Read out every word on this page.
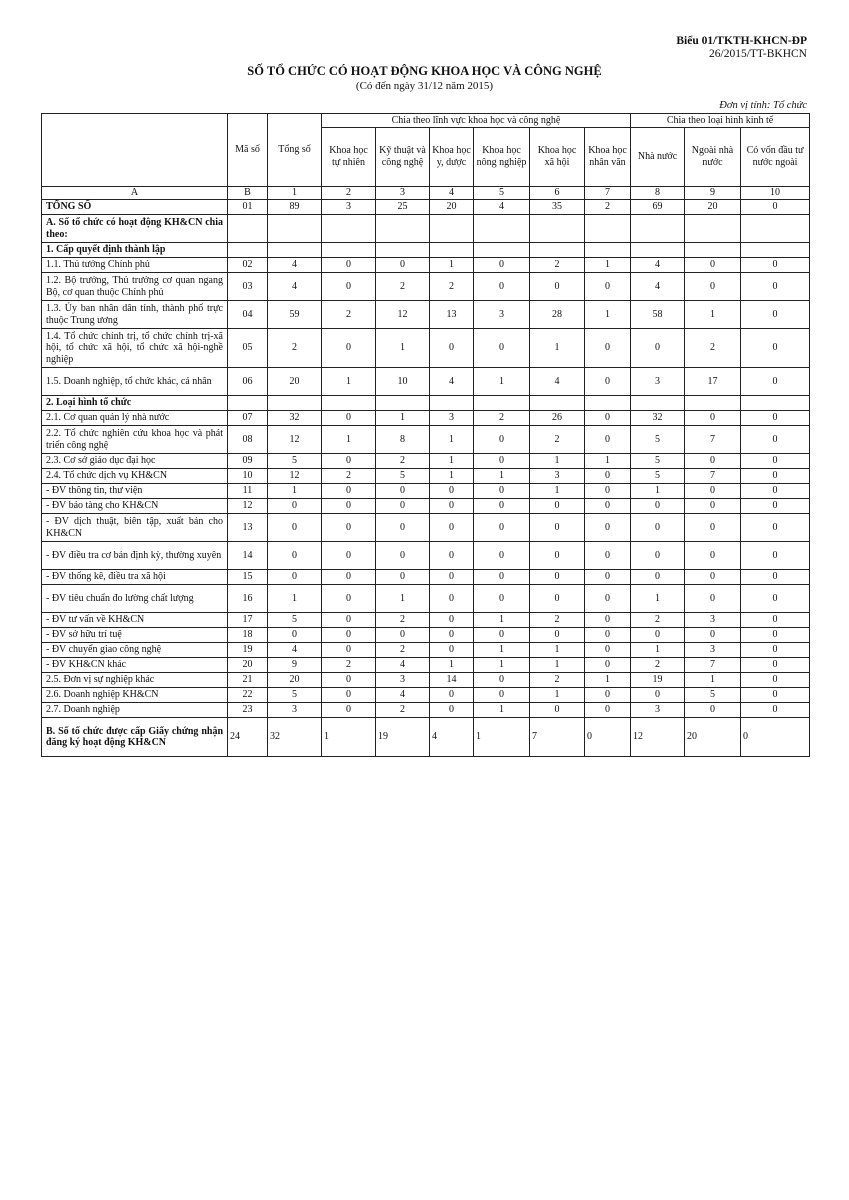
Biểu 01/TKTH-KHCN-ĐP
26/2015/TT-BKHCN
SỐ TỔ CHỨC CÓ HOẠT ĐỘNG KHOA HỌC VÀ CÔNG NGHỆ
(Có đến ngày 31/12 năm 2015)
Đơn vị tính: Tổ chức
	Mã số	Tổng số	Chia theo lĩnh vực khoa học và công nghệ						Chia theo loại hình kinh tế		
			Khoa học tự nhiên	Kỹ thuật và công nghệ	Khoa học y, dược	Khoa học nông nghiệp	Khoa học xã hội	Khoa học nhân văn	Nhà nước	Ngoài nhà nước	Có vốn đầu tư nước ngoài
A	B	1	2	3	4	5	6	7	8	9	10
TỔNG SỐ	01	89	3	25	20	4	35	2	69	20	0
A. Số tổ chức có hoạt động KH&CN chia theo:											
1. Cấp quyết định thành lập											
1.1. Thủ tướng Chính phủ	02	4	0	0	1	0	2	1	4	0	0
1.2. Bộ trưởng, Thủ trưởng cơ quan ngang Bộ, cơ quan thuộc Chính phủ	03	4	0	2	2	0	0	0	4	0	0
1.3. Ủy ban nhân dân tỉnh, thành phố trực thuộc Trung ương	04	59	2	12	13	3	28	1	58	1	0
1.4. Tổ chức chính trị, tổ chức chính trị-xã hội, tổ chức xã hội, tổ chức xã hội-nghề nghiệp	05	2	0	1	0	0	1	0	0	2	0
1.5. Doanh nghiệp, tổ chức khác, cá nhân	06	20	1	10	4	1	4	0	3	17	0
2. Loại hình tổ chức											
2.1. Cơ quan quản lý nhà nước	07	32	0	1	3	2	26	0	32	0	0
2.2. Tổ chức nghiên cứu khoa học và phát triển công nghệ	08	12	1	8	1	0	2	0	5	7	0
2.3. Cơ sở giáo dục đại học	09	5	0	2	1	0	1	1	5	0	0
2.4. Tổ chức dịch vụ KH&CN	10	12	2	5	1	1	3	0	5	7	0
- ĐV thông tin, thư viện	11	1	0	0	0	0	1	0	1	0	0
- ĐV bảo tàng cho KH&CN	12	0	0	0	0	0	0	0	0	0	0
- ĐV dịch thuật, biên tập, xuất bản cho KH&CN	13	0	0	0	0	0	0	0	0	0	0
- ĐV điều tra cơ bản định kỳ, thường xuyên	14	0	0	0	0	0	0	0	0	0	0
- ĐV thống kê, điều tra xã hội	15	0	0	0	0	0	0	0	0	0	0
- ĐV tiêu chuẩn đo lường chất lượng	16	1	0	1	0	0	0	0	1	0	0
- ĐV tư vấn về KH&CN	17	5	0	2	0	1	2	0	2	3	0
- ĐV sở hữu trí tuệ	18	0	0	0	0	0	0	0	0	0	0
- ĐV chuyển giao công nghệ	19	4	0	2	0	1	1	0	1	3	0
- ĐV KH&CN khác	20	9	2	4	1	1	1	0	2	7	0
2.5. Đơn vị sự nghiệp khác	21	20	0	3	14	0	2	1	19	1	0
2.6. Doanh nghiệp KH&CN	22	5	0	4	0	0	1	0	0	5	0
2.7. Doanh nghiệp	23	3	0	2	0	1	0	0	3	0	0
B. Số tổ chức được cấp Giấy chứng nhận đăng ký hoạt động KH&CN	24	32	1	19	4	1	7	0	12	20	0
